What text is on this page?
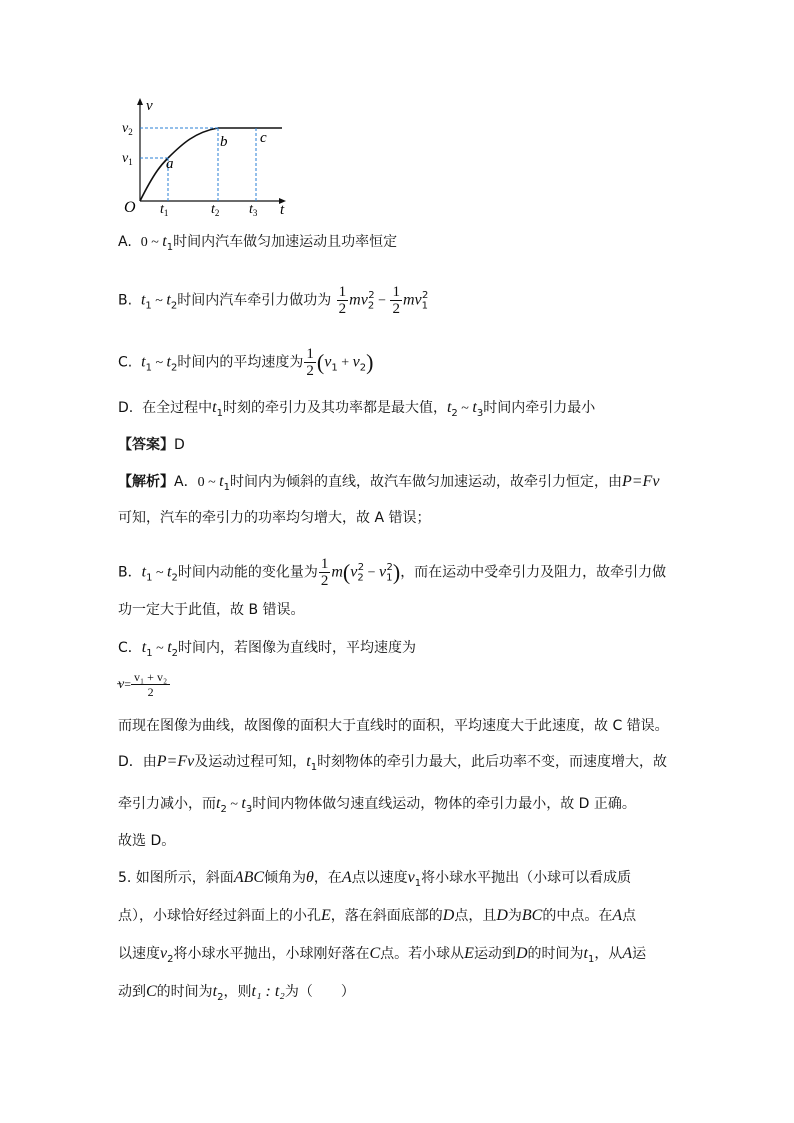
v
t
O
$v_2$
$v_1$ a
b c
$t_1$	$t_2$ $t_3$
A. 0 ~ $t_1$时间内汽车做匀加速运动且功率恒定
B. $t_1$ ~ $t_2$时间内汽车牵引力做功为 $\frac{1}{2} mv_2^2 - \frac{1}{2} mv_1^2$
C. $t_1$ ~ $t_2$时间内的平均速度为 $\frac{1}{2} (v_1 + v_2)$
D. 在全过程中$t_1$时刻的牵引力及其功率都是最大值，$t_2$ ~ $t_3$时间内牵引力最小
【答案】D
【解析】A．0 ~ $t_1$时间内为倾斜的直线，故汽车做匀加速运动，故牵引力恒定，由P=Fv
可知，汽车的牵引力的功率均匀增大，故 A 错误；
B．$t_1$ ~ $t_2$时间内动能的变化量为 $\frac{1}{2} m(v_2^2 - v_1^2)$，而在运动中受牵引力及阻力，故牵引力做
功一定大于此值，故 B 错误。
C．$t_1$ ~ $t_2$时间内，若图像为直线时，平均速度为
$v= \frac{\text{v₁ + v₂}}{2}$
而现在图像为曲线，故图像的面积大于直线时的面积，平均速度大于此速度，故 C 错误。
D．由P=Fv及运动过程可知，$t_1$时刻物体的牵引力最大，此后功率不变，而速度增大，故
牵引力减小，而$t_2$ ~ $t_3$时间内物体做匀速直线运动，物体的牵引力最小，故 D 正确。
故选 D。
5. 如图所示，斜面ABC倾角为θ，在A点以速度$v_1$将小球水平抛出（小球可以看成质
点），小球恰好经过斜面上的小孔E，落在斜面底部的D点，且D为BC的中点。在A点
以速度$v_2$将小球水平抛出，小球刚好落在C点。若小球从E运动到D的时间为$t_1$，从A运
动到C的时间为$t_2$，则t₁ : t₂为（　　）
